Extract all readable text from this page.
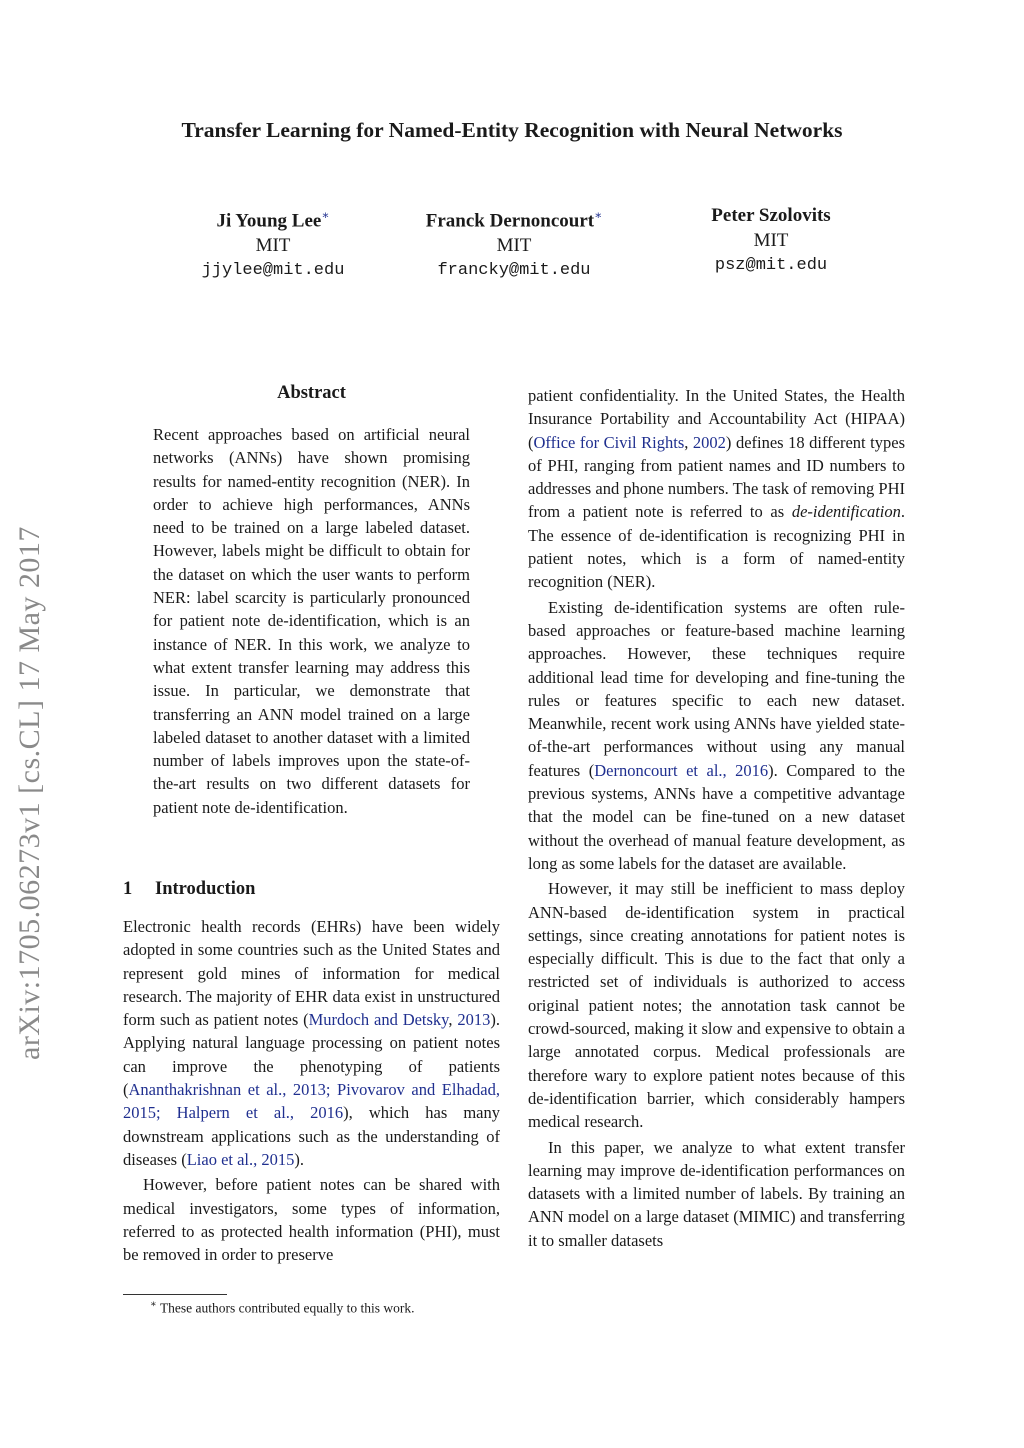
Transfer Learning for Named-Entity Recognition with Neural Networks
Ji Young Lee∗
MIT
jjylee@mit.edu
Franck Dernoncourt∗
MIT
francky@mit.edu
Peter Szolovits
MIT
psz@mit.edu
arXiv:1705.06273v1 [cs.CL] 17 May 2017
Abstract
Recent approaches based on artificial neural networks (ANNs) have shown promising results for named-entity recognition (NER). In order to achieve high performances, ANNs need to be trained on a large labeled dataset. However, labels might be difficult to obtain for the dataset on which the user wants to perform NER: label scarcity is particularly pronounced for patient note de-identification, which is an instance of NER. In this work, we analyze to what extent transfer learning may address this issue. In particular, we demonstrate that transferring an ANN model trained on a large labeled dataset to another dataset with a limited number of labels improves upon the state-of-the-art results on two different datasets for patient note de-identification.
1 Introduction

Electronic health records (EHRs) have been widely adopted in some countries such as the United States and represent gold mines of information for medical research. The majority of EHR data exist in unstructured form such as patient notes (Murdoch and Detsky, 2013). Applying natural language processing on patient notes can improve the phenotyping of patients (Ananthakrishnan et al., 2013; Pivovarov and Elhadad, 2015; Halpern et al., 2016), which has many downstream applications such as the understanding of diseases (Liao et al., 2015).

However, before patient notes can be shared with medical investigators, some types of information, referred to as protected health information (PHI), must be removed in order to preserve

patient confidentiality. In the United States, the Health Insurance Portability and Accountability Act (HIPAA) (Office for Civil Rights, 2002) defines 18 different types of PHI, ranging from patient names and ID numbers to addresses and phone numbers. The task of removing PHI from a patient note is referred to as de-identification. The essence of de-identification is recognizing PHI in patient notes, which is a form of named-entity recognition (NER).

Existing de-identification systems are often rule-based approaches or feature-based machine learning approaches. However, these techniques require additional lead time for developing and fine-tuning the rules or features specific to each new dataset. Meanwhile, recent work using ANNs have yielded state-of-the-art performances without using any manual features (Dernoncourt et al., 2016). Compared to the previous systems, ANNs have a competitive advantage that the model can be fine-tuned on a new dataset without the overhead of manual feature development, as long as some labels for the dataset are available.

However, it may still be inefficient to mass deploy ANN-based de-identification system in practical settings, since creating annotations for patient notes is especially difficult. This is due to the fact that only a restricted set of individuals is authorized to access original patient notes; the annotation task cannot be crowd-sourced, making it slow and expensive to obtain a large annotated corpus. Medical professionals are therefore wary to explore patient notes because of this de-identification barrier, which considerably hampers medical research.

In this paper, we analyze to what extent transfer learning may improve de-identification performances on datasets with a limited number of labels. By training an ANN model on a large dataset (MIMIC) and transferring it to smaller datasets

∗ These authors contributed equally to this work.
